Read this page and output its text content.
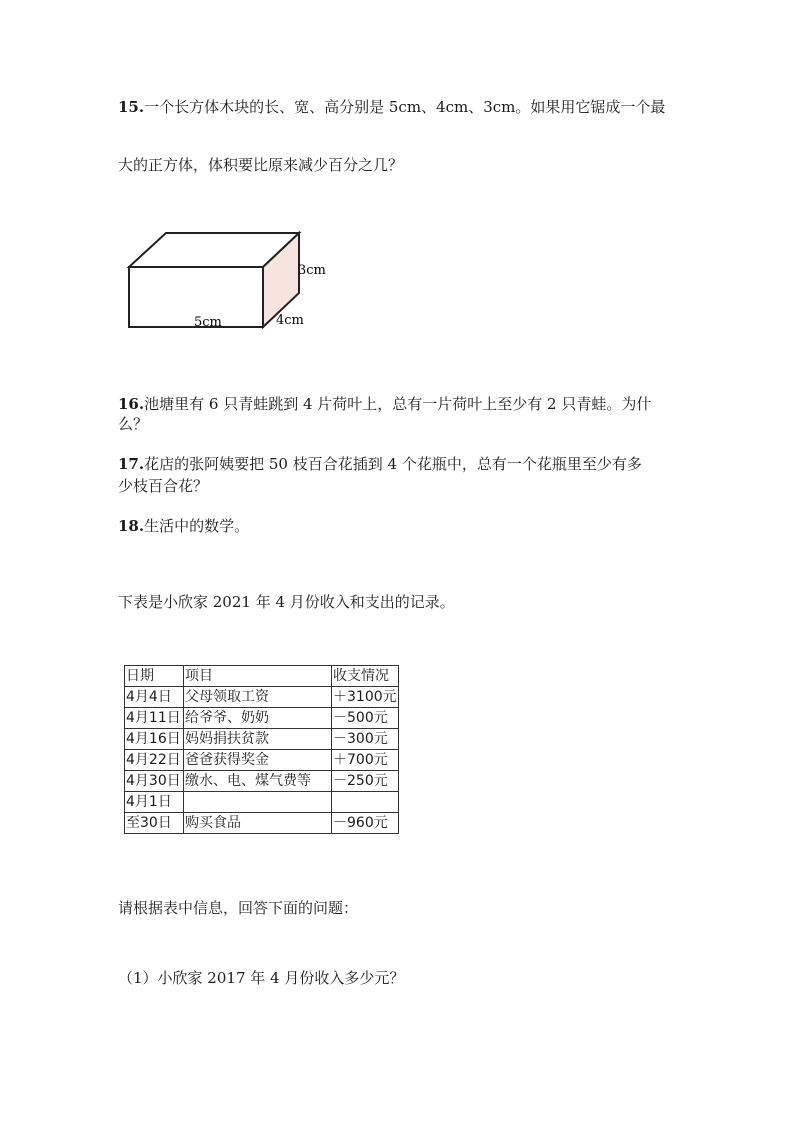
15.一个长方体木块的长、宽、高分别是 5cm、4cm、3cm。如果用它锯成一个最

大的正方体，体积要比原来减少百分之几？

5cm	4cm
3cm

16.池塘里有 6 只青蛙跳到 4 片荷叶上，总有一片荷叶上至少有 2 只青蛙。为什

么？

17.花店的张阿姨要把 50 枝百合花插到 4 个花瓶中，总有一个花瓶里至少有多

少枝百合花？

18.生活中的数学。

下表是小欣家 2021 年 4 月份收入和支出的记录。

日期	项目	收支情况
4月4日	父母领取工资	＋3100元
4月11日	给爷爷、奶奶	－500元
4月16日	妈妈捐扶贫款	－300元
4月22日	爸爸获得奖金	＋700元
4月30日	缴水、电、煤气费等	－250元
4月1日		
至30日	购买食品	－960元

请根据表中信息，回答下面的问题：

（1）小欣家 2017 年 4 月份收入多少元？
